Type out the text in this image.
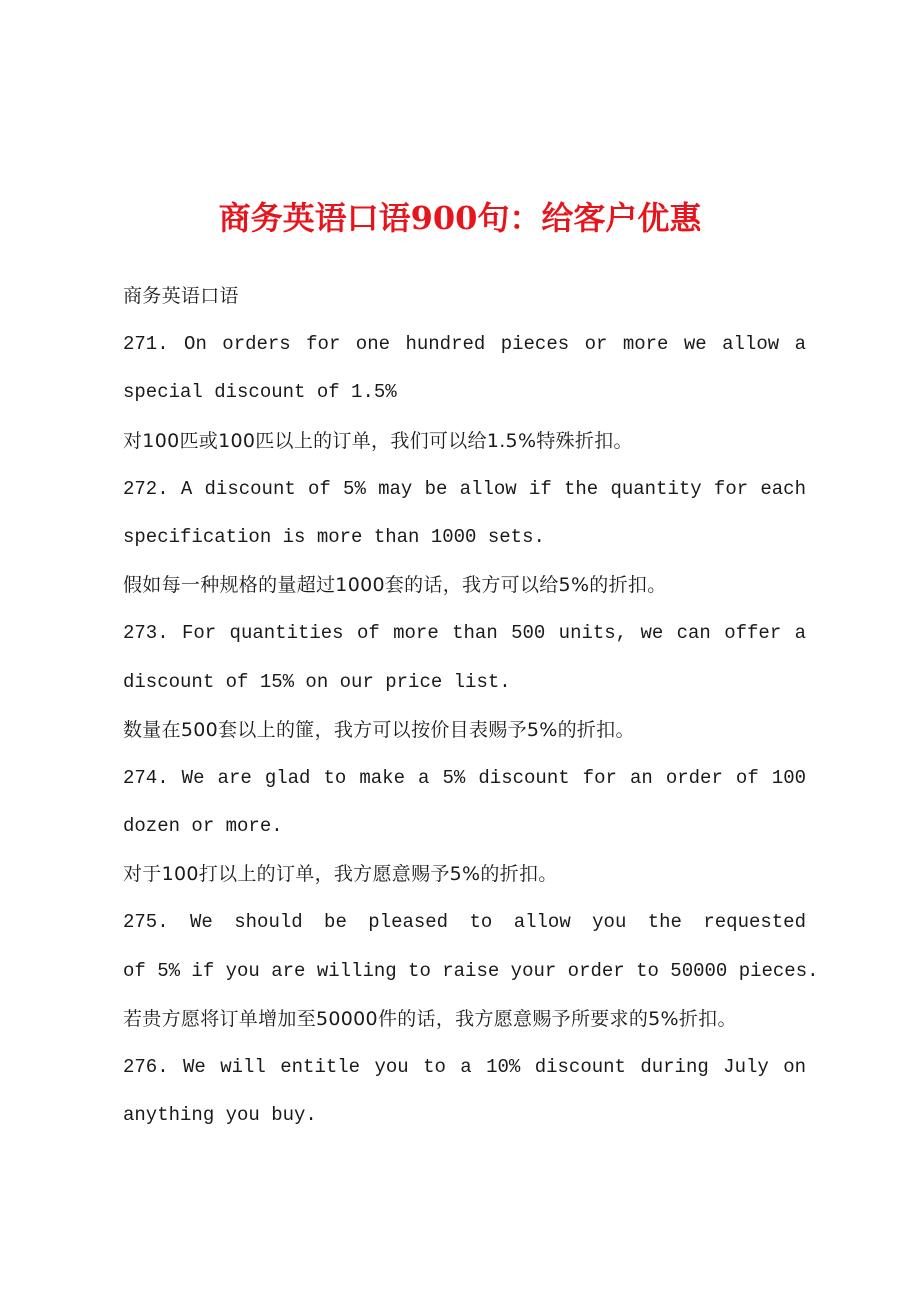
商务英语口语900句：给客户优惠
商务英语口语
271. On orders for one hundred pieces or more we allow a
special discount of 1.5%
对100匹或100匹以上的订单，我们可以给1.5%特殊折扣。
272. A discount of 5% may be allow if the quantity for each
specification is more than 1000 sets.
假如每一种规格的量超过1000套的话，我方可以给5%的折扣。
273. For quantities of more than 500 units, we can offer a
discount of 15% on our price list.
数量在500套以上的篚，我方可以按价目表赐予5%的折扣。
274. We are glad to make a 5% discount for an order of 100
dozen or more.
对于100打以上的订单，我方愿意赐予5%的折扣。
275. We should be pleased to allow you the requested
of 5% if you are willing to raise your order to 50000 pieces.
若贵方愿将订单增加至50000件的话，我方愿意赐予所要求的5%折扣。
276. We will entitle you to a 10% discount during July on
anything you buy.
